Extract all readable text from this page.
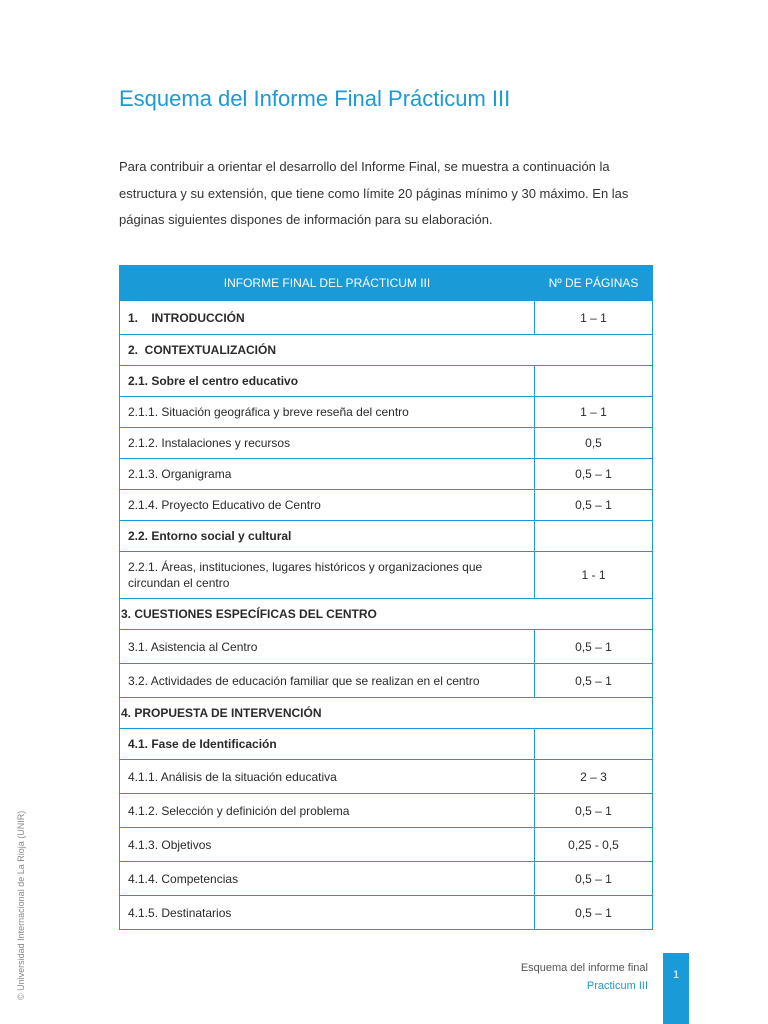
Esquema del Informe Final Prácticum III

Para contribuir a orientar el desarrollo del Informe Final, se muestra a continuación la estructura y su extensión, que tiene como límite 20 páginas mínimo y 30 máximo. En las páginas siguientes dispones de información para su elaboración.

INFORME FINAL DEL PRÁCTICUM III	Nº DE PÁGINAS
1.    INTRODUCCIÓN	1 – 1
2.  CONTEXTUALIZACIÓN	
2.1. Sobre el centro educativo	
2.1.1. Situación geográfica y breve reseña del centro	1 – 1
2.1.2. Instalaciones y recursos	0,5
2.1.3. Organigrama	0,5 – 1
2.1.4. Proyecto Educativo de Centro	0,5 – 1
2.2. Entorno social y cultural	
2.2.1. Áreas, instituciones, lugares históricos y organizaciones que circundan el centro	1 - 1
3. CUESTIONES ESPECÍFICAS DEL CENTRO	
3.1. Asistencia al Centro	0,5 – 1
3.2. Actividades de educación familiar que se realizan en el centro	0,5 – 1
4. PROPUESTA DE INTERVENCIÓN	
4.1. Fase de Identificación	
4.1.1. Análisis de la situación educativa	2 – 3
4.1.2. Selección y definición del problema	0,5 – 1
4.1.3. Objetivos	0,25 - 0,5
4.1.4. Competencias	0,5 – 1
4.1.5. Destinatarios	0,5 – 1
Esquema del informe final
Practicum III
1
© Universidad Internacional de La Rioja (UNIR)
